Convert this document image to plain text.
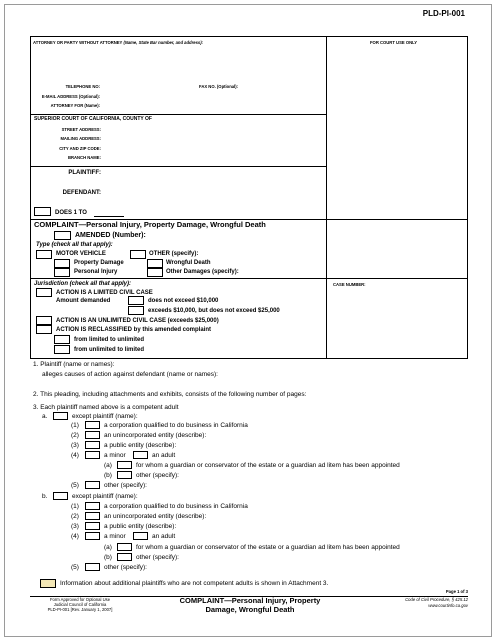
PLD-PI-001
ATTORNEY OR PARTY WITHOUT ATTORNEY (Name, State Bar number, and address):	FOR COURT USE ONLY
TELEPHONE NO:	FAX NO. (Optional):
E-MAIL ADDRESS (Optional):
ATTORNEY FOR (Name):
SUPERIOR COURT OF CALIFORNIA, COUNTY OF
STREET ADDRESS:
MAILING ADDRESS:
CITY AND ZIP CODE:
BRANCH NAME:
PLAINTIFF:
DEFENDANT:
DOES 1 TO
COMPLAINT—Personal Injury, Property Damage, Wrongful Death
AMENDED (Number):
Type (check all that apply):
MOTOR VEHICLE	OTHER (specify):
Property Damage	Wrongful Death
Personal Injury	Other Damages (specify):
Jurisdiction (check all that apply):	CASE NUMBER:
ACTION IS A LIMITED CIVIL CASE
Amount demanded	does not exceed $10,000
exceeds $10,000, but does not exceed $25,000
ACTION IS AN UNLIMITED CIVIL CASE (exceeds $25,000)
ACTION IS RECLASSIFIED by this amended complaint
from limited to unlimited
from unlimited to limited
1. Plaintiff (name or names):
alleges causes of action against defendant (name or names):
2. This pleading, including attachments and exhibits, consists of the following number of pages:
3. Each plaintiff named above is a competent adult
a.	except plaintiff (name):
(1)	a corporation qualified to do business in California
(2)	an unincorporated entity (describe):
(3)	a public entity (describe):
(4)	a minor	an adult
(a)	for whom a guardian or conservator of the estate or a guardian ad litem has been appointed
(b)	other (specify):
(5)	other (specify):
b.	except plaintiff (name):
(1)	a corporation qualified to do business in California
(2)	an unincorporated entity (describe):
(3)	a public entity (describe):
(4)	a minor	an adult
(a)	for whom a guardian or conservator of the estate or a guardian ad litem has been appointed
(b)	other (specify):
(5)	other (specify):
Information about additional plaintiffs who are not competent adults is shown in Attachment 3.
Page 1 of 3
Form Approved for Optional Use
Judicial Council of California
PLD-PI-001 [Rev. January 1, 2007]
COMPLAINT—Personal Injury, Property
Damage, Wrongful Death
Code of Civil Procedure, § 425.12
www.courtinfo.ca.gov
